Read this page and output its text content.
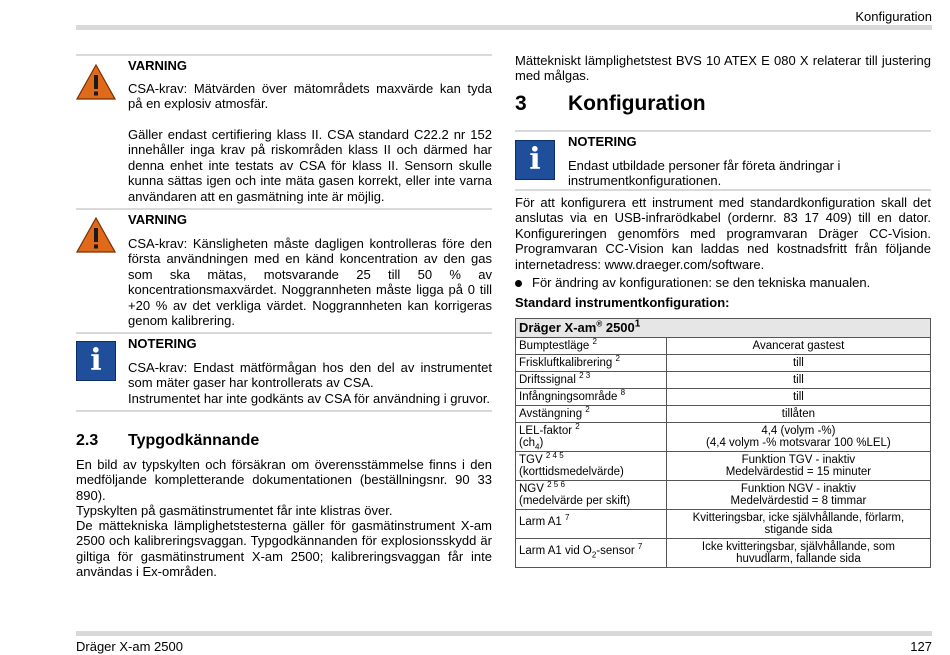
Konfiguration
Dräger X-am 2500	127
VARNING
CSA-krav: Mätvärden över mätområdets maxvärde kan tyda på en explosiv atmosfär.
Gäller endast certifiering klass II. CSA standard C22.2 nr 152 innehåller inga krav på riskområden klass II och därmed har denna enhet inte testats av CSA för klass II. Sensorn skulle kunna sättas igen och inte mäta gasen korrekt, eller inte varna användaren att en gasmätning inte är möjlig.
VARNING
CSA-krav: Känsligheten måste dagligen kontrolleras före den första användningen med en känd koncentration av den gas som ska mätas, motsvarande 25 till 50 % av koncentrationsmaxvärdet. Noggrannheten måste ligga på 0 till +20 % av det verkliga värdet. Noggrannheten kan korrigeras genom kalibrering.
i	NOTERING
CSA-krav: Endast mätförmågan hos den del av instrumentet som mäter gaser har kontrollerats av CSA.
Instrumentet har inte godkänts av CSA för användning i gruvor.
2.3 Typgodkännande
En bild av typskylten och försäkran om överensstämmelse finns i den medföljande kompletterande dokumentationen (beställningsnr. 90 33 890).
Typskylten på gasmätinstrumentet får inte klistras över.
De mättekniska lämplighetstesterna gäller för gasmätinstrument X-am 2500 och kalibreringsvaggan. Typgodkännanden för explosionsskydd är giltiga för gasmätinstrument X-am 2500; kalibreringsvaggan får inte användas i Ex-områden.
Mättekniskt lämplighetstest BVS 10 ATEX E 080 X relaterar till justering med målgas.
3 Konfiguration
i
NOTERING
Endast utbildade personer får företa ändringar i instrumentkonfigurationen.
För att konfigurera ett instrument med standardkonfiguration skall det anslutas via en USB-infrarödkabel (ordernr. 83 17 409) till en dator. Konfigureringen genomförs med programvaran Dräger CC-Vision. Programvaran CC-Vision kan laddas ned kostnadsfritt från följande internetadress: www.draeger.com/software.
För ändring av konfigurationen: se den tekniska manualen.
Standard instrumentkonfiguration:
Dräger X-am® 2500$^1$
Bumptestläge $^2$	Avancerat gastest
Friskluftkalibrering $^2$	till
Driftssignal $^{2 3}$	till
Infångningsområde $^8$	till
Avstängning $^2$	tillåten
LEL-faktor $^2$
$(ch_4)$	4,4 (volym -%)
(4,4 volym -% motsvarar 100 %LEL)
TGV $^{2 4 5}$
(korttidsmedelvärde)	Funktion TGV - inaktiv
Medelvärdestid = 15 minuter
NGV $^{2 5 6}$
(medelvärde per skift)	Funktion NGV - inaktiv
Medelvärdestid = 8 timmar
Larm A1 $^7$	Kvitteringsbar, icke självhållande, förlarm,
stigande sida
Larm A1 vid $O_2$-sensor $^7$	Icke kvitteringsbar, självhållande, som
huvudlarm, fallande sida
